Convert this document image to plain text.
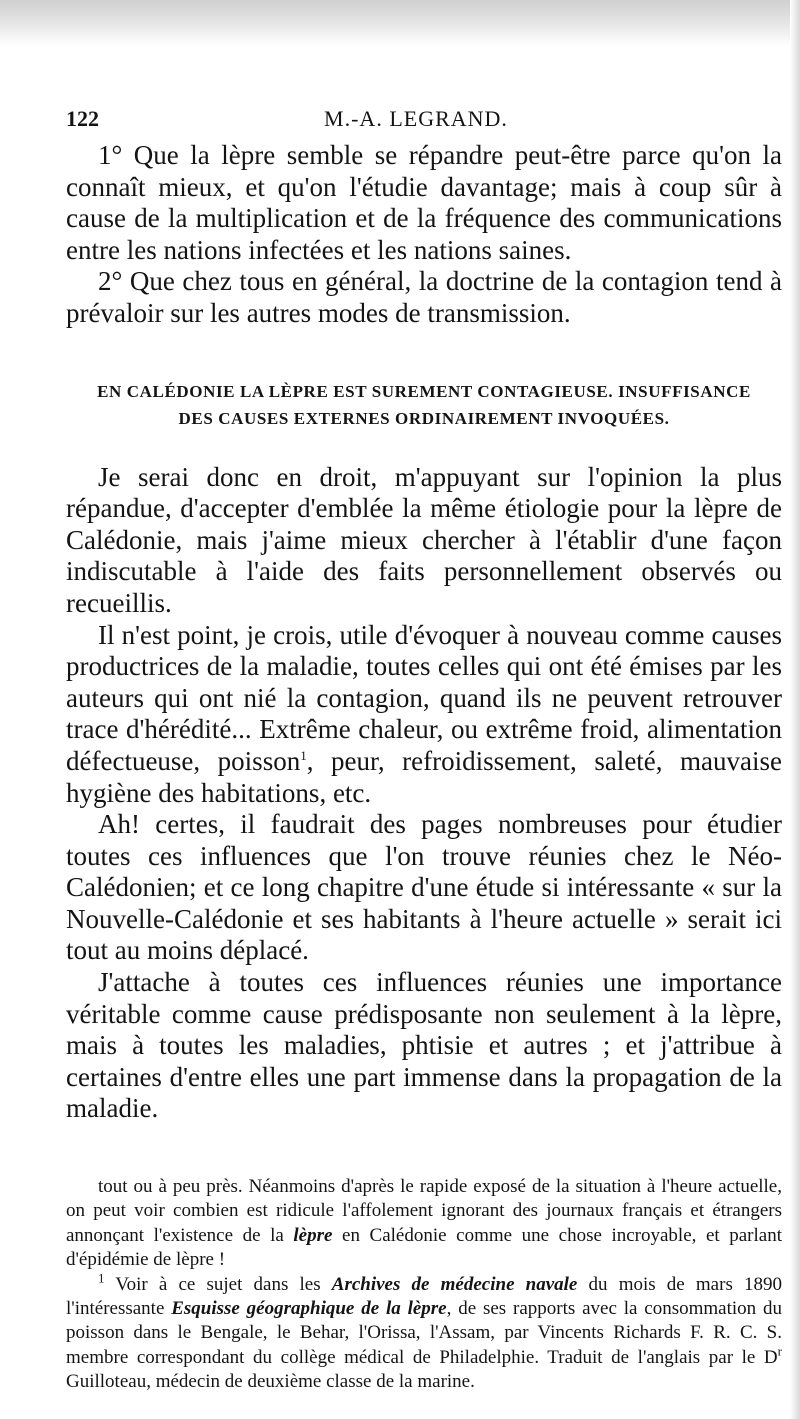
122	M.-A. LEGRAND.

1° Que la lèpre semble se répandre peut-être parce qu'on la connaît mieux, et qu'on l'étudie davantage; mais à coup sûr à cause de la multiplication et de la fréquence des communications entre les nations infectées et les nations saines.

2° Que chez tous en général, la doctrine de la contagion tend à prévaloir sur les autres modes de transmission.

EN CALÉDONIE LA LÈPRE EST SUREMENT CONTAGIEUSE. INSUFFISANCE
DES CAUSES EXTERNES ORDINAIREMENT INVOQUÉES.

Je serai donc en droit, m'appuyant sur l'opinion la plus répandue, d'accepter d'emblée la même étiologie pour la lèpre de Calédonie, mais j'aime mieux chercher à l'établir d'une façon indiscutable à l'aide des faits personnellement observés ou recueillis.

Il n'est point, je crois, utile d'évoquer à nouveau comme causes productrices de la maladie, toutes celles qui ont été émises par les auteurs qui ont nié la contagion, quand ils ne peuvent retrouver trace d'hérédité... Extrême chaleur, ou extrême froid, alimentation défectueuse, poisson$^1$, peur, refroidissement, saleté, mauvaise hygiène des habitations, etc.

Ah! certes, il faudrait des pages nombreuses pour étudier toutes ces influences que l'on trouve réunies chez le Néo-Calédonien; et ce long chapitre d'une étude si intéressante « sur la Nouvelle-Calédonie et ses habitants à l'heure actuelle » serait ici tout au moins déplacé.

J'attache à toutes ces influences réunies une importance véritable comme cause prédisposante non seulement à la lèpre, mais à toutes les maladies, phtisie et autres ; et j'attribue à certaines d'entre elles une part immense dans la propagation de la maladie.

tout ou à peu près. Néanmoins d'après le rapide exposé de la situation à l'heure actuelle, on peut voir combien est ridicule l'affolement ignorant des journaux français et étrangers annonçant l'existence de la lèpre en Calédonie comme une chose incroyable, et parlant d'épidémie de lèpre !

$^1$ Voir à ce sujet dans les Archives de médecine navale du mois de mars 1890 l'intéressante Esquisse géographique de la lèpre, de ses rapports avec la consommation du poisson dans le Bengale, le Behar, l'Orissa, l'Assam, par Vincents Richards F. R. C. S. membre correspondant du collège médical de Philadelphie. Traduit de l'anglais par le $D^r$ Guilloteau, médecin de deuxième classe de la marine.
